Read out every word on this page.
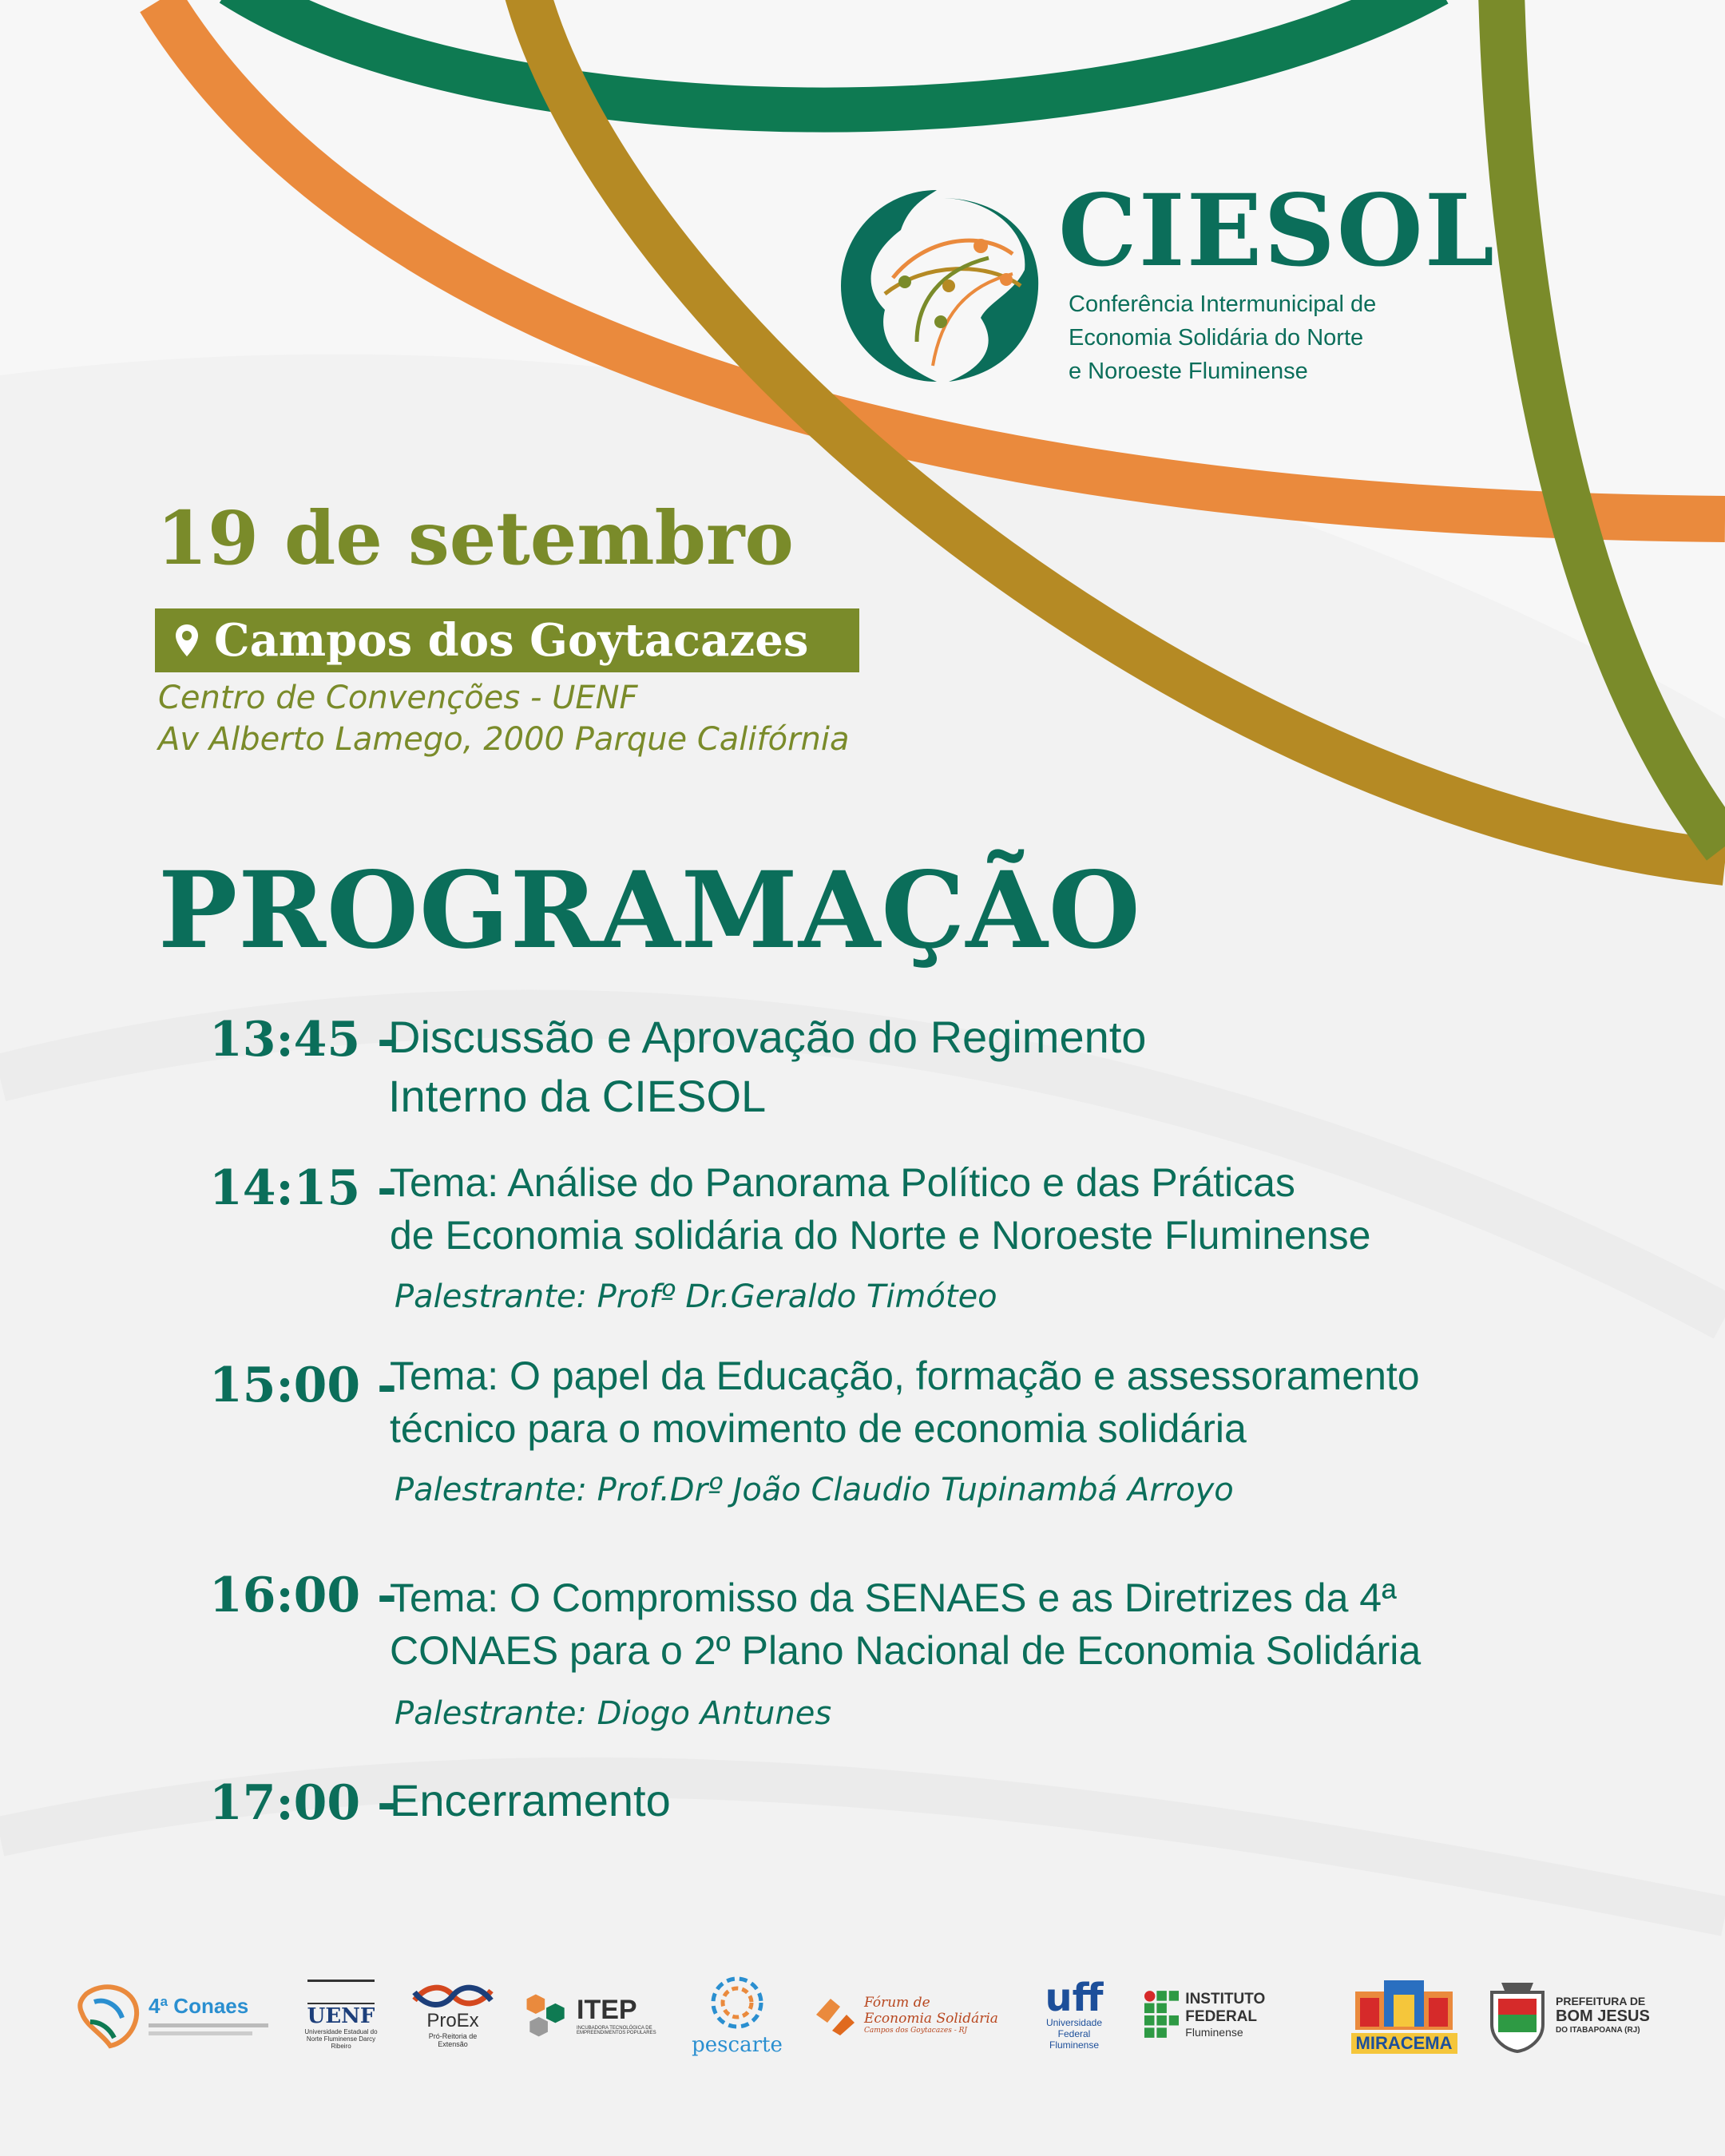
CIESOL
Conferência Intermunicipal de
Economia Solidária do Norte
e Noroeste Fluminense
19 de setembro
Campos dos Goytacazes
Centro de Convenções - UENF
Av Alberto Lamego, 2000 Parque Califórnia
PROGRAMAÇÃO
13:45 -
Discussão e Aprovação do Regimento
Interno da CIESOL
14:15 -
Tema: Análise do Panorama Político e das Práticas
de Economia solidária do Norte e Noroeste Fluminense
Palestrante: Profº Dr.Geraldo Timóteo
15:00 -
Tema: O papel da Educação, formação e assessoramento
técnico para o movimento de economia solidária
Palestrante: Prof.Drº João Claudio Tupinambá Arroyo
16:00 -
Tema: O Compromisso da SENAES e as Diretrizes da 4ª
CONAES para o 2º Plano Nacional de Economia Solidária
Palestrante: Diogo Antunes
17:00 -
Encerramento
4ª Conaes	UENF
Universidade Estadual do Norte Fluminense Darcy Ribeiro
ProEx
Pró-Reitoria de Extensão
ITEP
INCUBADORA TECNOLÓGICA DE EMPREENDIMENTOS POPULARES
pescarte
Fórum de
Economia Solidária
Campos dos Goytacazes - RJ
uff
Universidade
Federal
Fluminense
INSTITUTO FEDERAL
Fluminense
MIRACEMA
PREFEITURA DE
BOM JESUS
DO ITABAPOANA (RJ)
